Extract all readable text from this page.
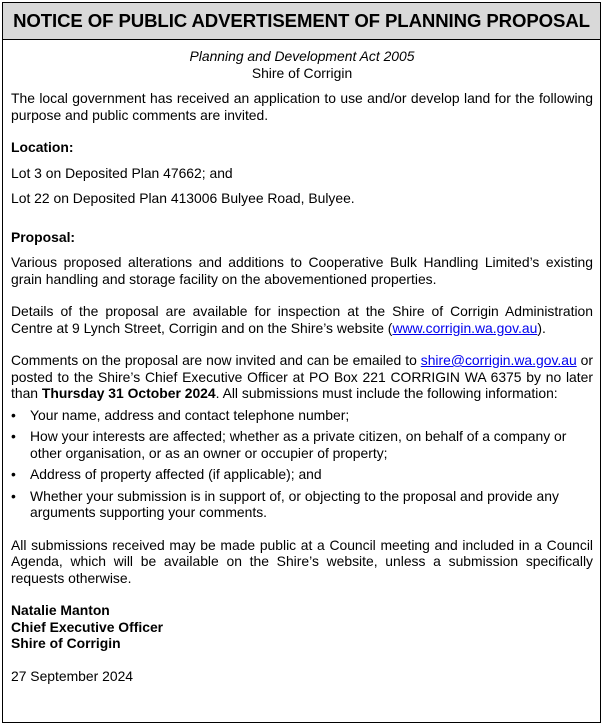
NOTICE OF PUBLIC ADVERTISEMENT OF PLANNING PROPOSAL
Planning and Development Act 2005
Shire of Corrigin

The local government has received an application to use and/or develop land for the following purpose and public comments are invited.

Location:
Lot 3 on Deposited Plan 47662; and
Lot 22 on Deposited Plan 413006 Bulyee Road, Bulyee.
Proposal:

Various proposed alterations and additions to Cooperative Bulk Handling Limited’s existing grain handling and storage facility on the abovementioned properties.

Details of the proposal are available for inspection at the Shire of Corrigin Administration Centre at 9 Lynch Street, Corrigin and on the Shire’s website (www.corrigin.wa.gov.au).

Comments on the proposal are now invited and can be emailed to shire@corrigin.wa.gov.au or posted to the Shire’s Chief Executive Officer at PO Box 221 CORRIGIN WA 6375 by no later than Thursday 31 October 2024. All submissions must include the following information:

• Your name, address and contact telephone number;
• How your interests are affected; whether as a private citizen, on behalf of a company or other organisation, or as an owner or occupier of property;
• Address of property affected (if applicable); and
• Whether your submission is in support of, or objecting to the proposal and provide any arguments supporting your comments.

All submissions received may be made public at a Council meeting and included in a Council Agenda, which will be available on the Shire’s website, unless a submission specifically requests otherwise.

Natalie Manton
Chief Executive Officer
Shire of Corrigin
27 September 2024
